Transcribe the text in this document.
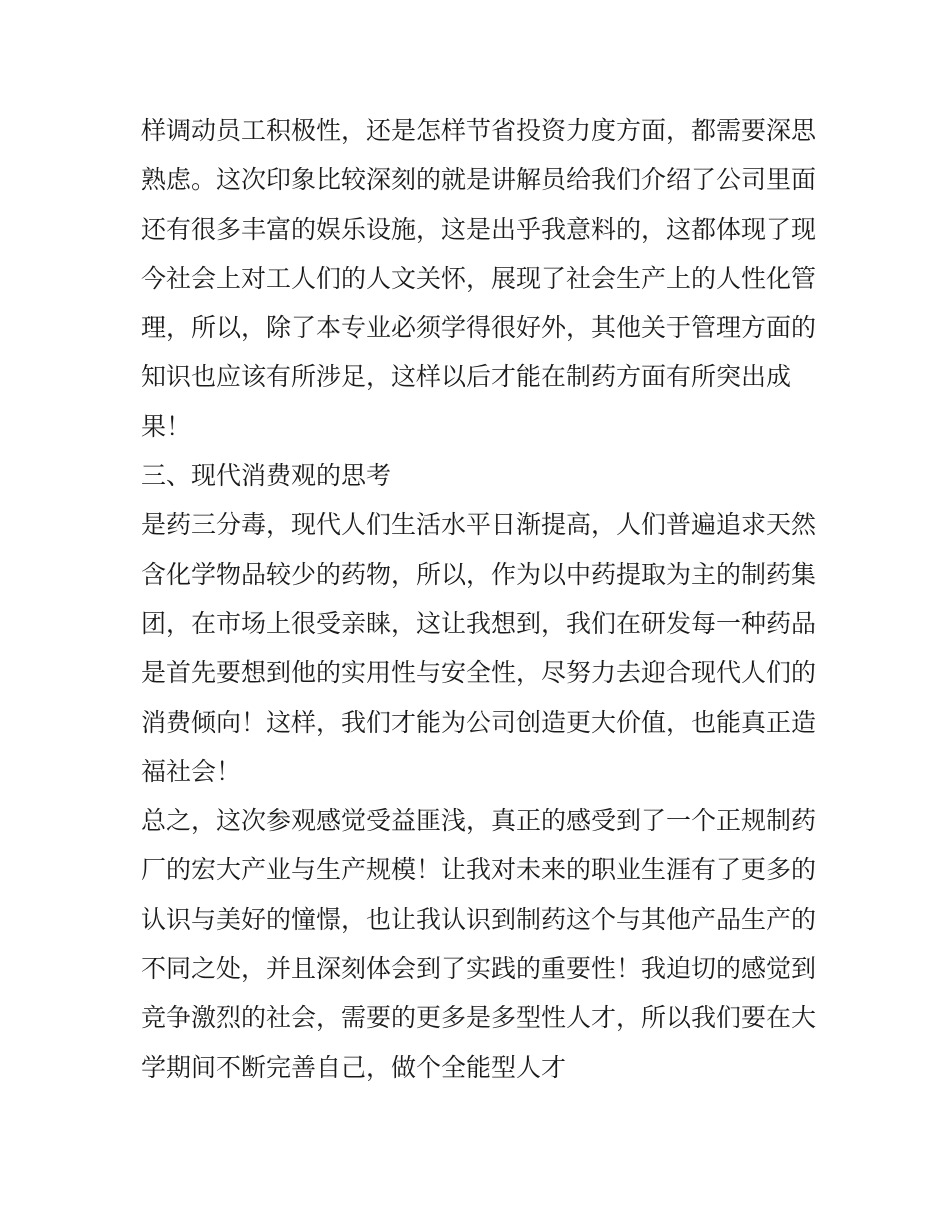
样调动员工积极性，还是怎样节省投资力度方面，都需要深思
熟虑。这次印象比较深刻的就是讲解员给我们介绍了公司里面
还有很多丰富的娱乐设施，这是出乎我意料的，这都体现了现
今社会上对工人们的人文关怀，展现了社会生产上的人性化管
理，所以，除了本专业必须学得很好外，其他关于管理方面的
知识也应该有所涉足，这样以后才能在制药方面有所突出成
果！
三、现代消费观的思考
是药三分毒，现代人们生活水平日渐提高，人们普遍追求天然
含化学物品较少的药物，所以，作为以中药提取为主的制药集
团，在市场上很受亲睐，这让我想到，我们在研发每一种药品
是首先要想到他的实用性与安全性，尽努力去迎合现代人们的
消费倾向！这样，我们才能为公司创造更大价值，也能真正造
福社会！
总之，这次参观感觉受益匪浅，真正的感受到了一个正规制药
厂的宏大产业与生产规模！让我对未来的职业生涯有了更多的
认识与美好的憧憬，也让我认识到制药这个与其他产品生产的
不同之处，并且深刻体会到了实践的重要性！我迫切的感觉到
竞争激烈的社会，需要的更多是多型性人才，所以我们要在大
学期间不断完善自己，做个全能型人才
